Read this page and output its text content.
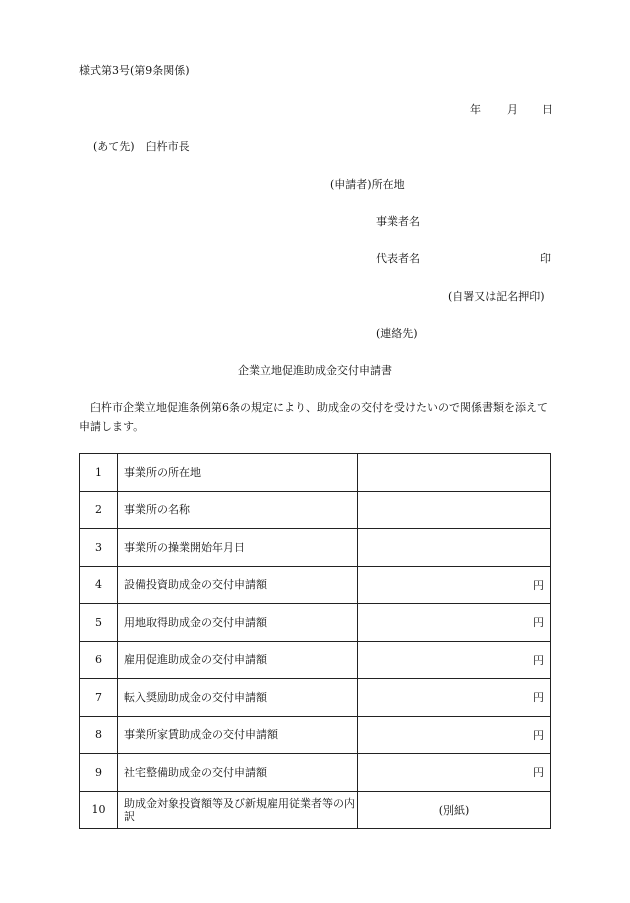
様式第3号(第9条関係)
年 月 日
(あて先)　臼杵市長
(申請者)所在地
事業者名
代表者名	印
(自署又は記名押印)
(連絡先)
企業立地促進助成金交付申請書
臼杵市企業立地促進条例第6条の規定により、助成金の交付を受けたいので関係書類を添えて申請します。
1	事業所の所在地	
2	事業所の名称	
3	事業所の操業開始年月日	
4	設備投資助成金の交付申請額	円
5	用地取得助成金の交付申請額	円
6	雇用促進助成金の交付申請額	円
7	転入奨励助成金の交付申請額	円
8	事業所家賃助成金の交付申請額	円
9	社宅整備助成金の交付申請額	円
10	助成金対象投資額等及び新規雇用従業者等の内訳	(別紙)
